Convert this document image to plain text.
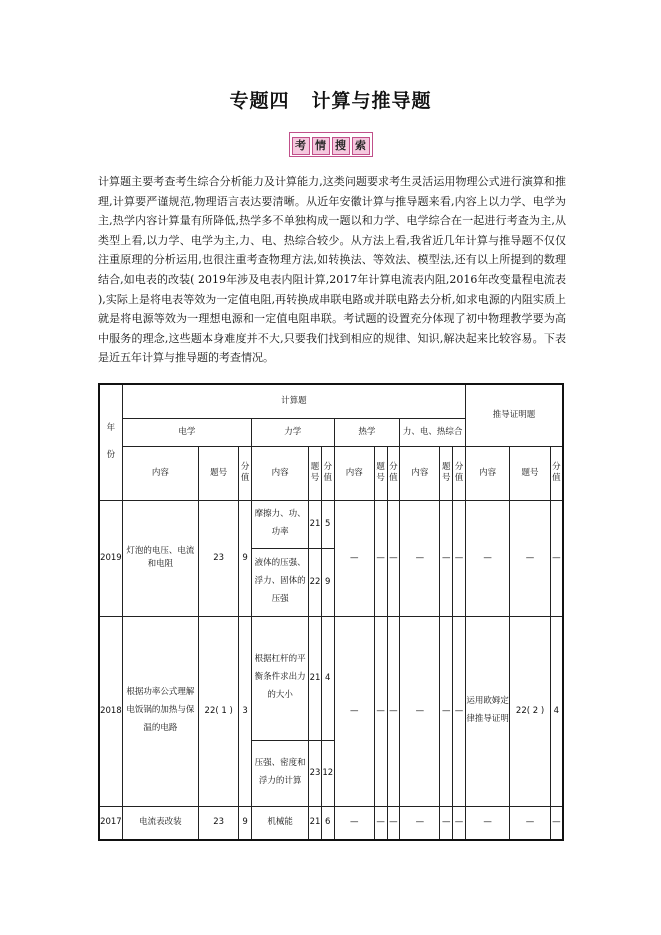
专题四 计算与推导题
考 情 搜 索
计算题主要考查考生综合分析能力及计算能力,这类问题要求考生灵活运用物理公式进行演算和推理,计算要严谨规范,物理语言表达要清晰。从近年安徽计算与推导题来看,内容上以力学、电学为主,热学内容计算量有所降低,热学多不单独构成一题以和力学、电学综合在一起进行考查为主,从类型上看,以力学、电学为主,力、电、热综合较少。从方法上看,我省近几年计算与推导题不仅仅注重原理的分析运用,也很注重考查物理方法,如转换法、等效法、模型法,还有以上所提到的数理结合,如电表的改装( 2019年涉及电表内阻计算,2017年计算电流表内阻,2016年改变量程电流表 ),实际上是将电表等效为一定值电阻,再转换成串联电路或并联电路去分析,如求电源的内阻实质上就是将电源等效为一理想电源和一定值电阻串联。考试题的设置充分体现了初中物理教学要为高中服务的理念,这些题本身难度并不大,只要我们找到相应的规律、知识,解决起来比较容易。下表是近五年计算与推导题的考查情况。
年
份	计算题												推导证明题		
	电学			力学			热学			力、电、热综合					
	内容	题号	分值	内容	题号	分值	内容	题号	分值	内容	题号	分值	内容	题号	分值
2019	灯泡的电压、电流和电阻	23	9	摩擦力、功、功率	21	5	—	—	—	—	—	—	—	—	—
				液体的压强、浮力、固体的压强	22	9									
2018	根据功率公式理解电饭锅的加热与保温的电路	22( 1 )	3	根据杠杆的平衡条件求出力的大小	21	4	—	—	—	—	—	—	运用欧姆定律推导证明	22( 2 )	4
				压强、密度和浮力的计算	23	12									
2017	电流表改装	23	9	机械能	21	6	—	—	—	—	—	—	—	—	—
